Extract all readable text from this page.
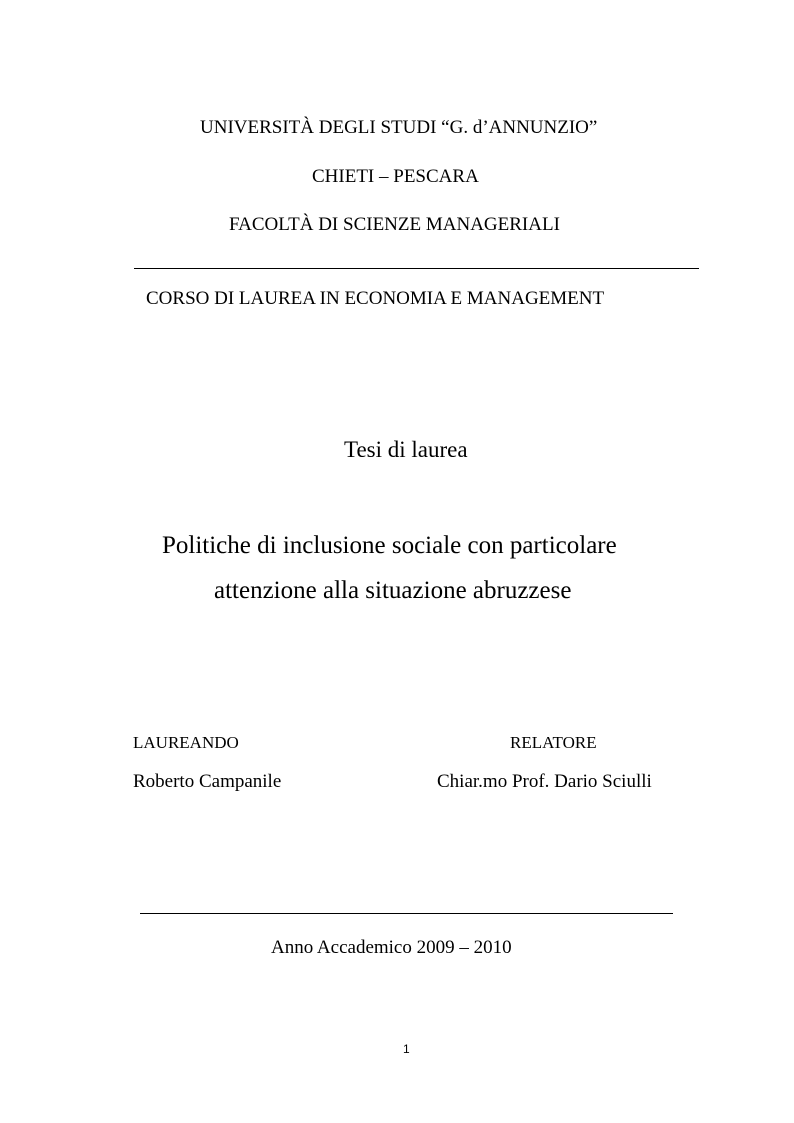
UNIVERSITÀ DEGLI STUDI “G. d’ANNUNZIO”
CHIETI – PESCARA
FACOLTÀ DI SCIENZE MANAGERIALI
CORSO DI LAUREA IN ECONOMIA E MANAGEMENT
Tesi di laurea
Politiche di inclusione sociale con particolare
attenzione alla situazione abruzzese
LAUREANDO	RELATORE
Roberto Campanile	Chiar.mo Prof. Dario Sciulli
Anno Accademico 2009 – 2010
1
